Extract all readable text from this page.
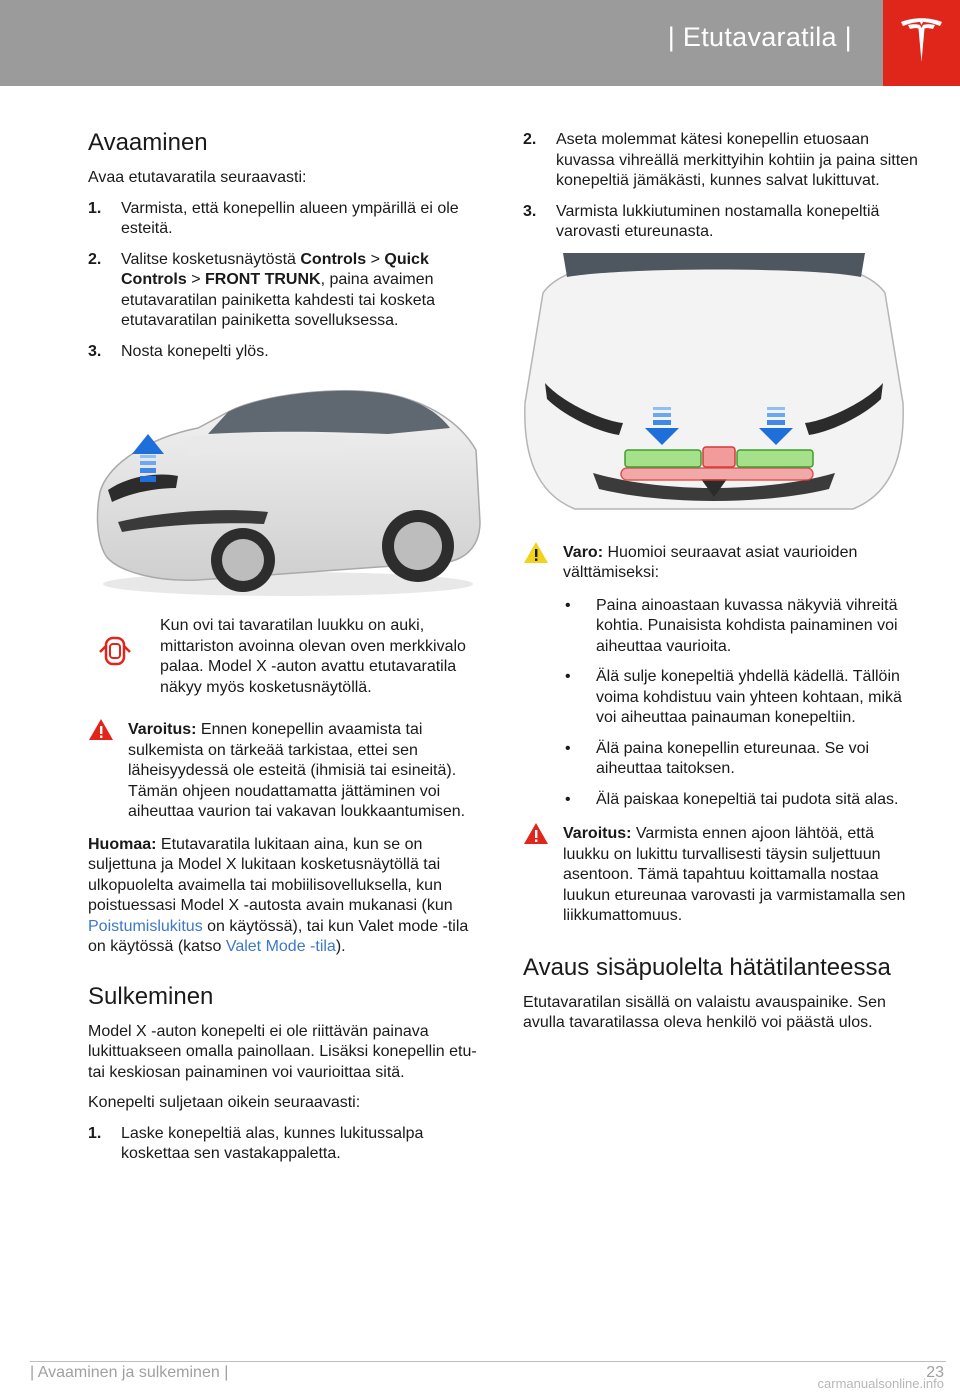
| Etutavaratila |
Avaaminen

Avaa etutavaratila seuraavasti:

1. Varmista, että konepellin alueen ympärillä ei ole esteitä.
2. Valitse kosketusnäytöstä Controls > Quick Controls > FRONT TRUNK, paina avaimen etutavaratilan painiketta kahdesti tai kosketa etutavaratilan painiketta sovelluksessa.
3. Nosta konepelti ylös.
Kun ovi tai tavaratilan luukku on auki, mittariston avoinna olevan oven merkkivalo palaa. Model X -auton avattu etutavaratila näkyy myös kosketusnäytöllä.
Varoitus: Ennen konepellin avaamista tai sulkemista on tärkeää tarkistaa, ettei sen läheisyydessä ole esteitä (ihmisiä tai esineitä). Tämän ohjeen noudattamatta jättäminen voi aiheuttaa vaurion tai vakavan loukkaantumisen.

Huomaa: Etutavaratila lukitaan aina, kun se on suljettuna ja Model X lukitaan kosketusnäytöllä tai ulkopuolelta avaimella tai mobiilisovelluksella, kun poistuessasi Model X -autosta avain mukanasi (kun Poistumislukitus on käytössä), tai kun Valet mode -tila on käytössä (katso Valet Mode -tila).

Sulkeminen

Model X -auton konepelti ei ole riittävän painava lukittuakseen omalla painollaan. Lisäksi konepellin etu- tai keskiosan painaminen voi vaurioittaa sitä.

Konepelti suljetaan oikein seuraavasti:

1. Laske konepeltiä alas, kunnes lukitussalpa koskettaa sen vastakappaletta.
2. Aseta molemmat kätesi konepellin etuosaan kuvassa vihreällä merkittyihin kohtiin ja paina sitten konepeltiä jämäkästi, kunnes salvat lukittuvat.
3. Varmista lukkiutuminen nostamalla konepeltiä varovasti etureunasta.
Varo: Huomioi seuraavat asiat vaurioiden välttämiseksi:
• Paina ainoastaan kuvassa näkyviä vihreitä kohtia. Punaisista kohdista painaminen voi aiheuttaa vaurioita.
• Älä sulje konepeltiä yhdellä kädellä. Tällöin voima kohdistuu vain yhteen kohtaan, mikä voi aiheuttaa painauman konepeltiin.
• Älä paina konepellin etureunaa. Se voi aiheuttaa taitoksen.
• Älä paiskaa konepeltiä tai pudota sitä alas.
Varoitus: Varmista ennen ajoon lähtöä, että luukku on lukittu turvallisesti täysin suljettuun asentoon. Tämä tapahtuu koittamalla nostaa luukun etureunaa varovasti ja varmistamalla sen liikkumattomuus.
Avaus sisäpuolelta hätätilanteessa

Etutavaratilan sisällä on valaistu avauspainike. Sen avulla tavaratilassa oleva henkilö voi päästä ulos.

| Avaaminen ja sulkeminen |	23
carmanualsonline.info
